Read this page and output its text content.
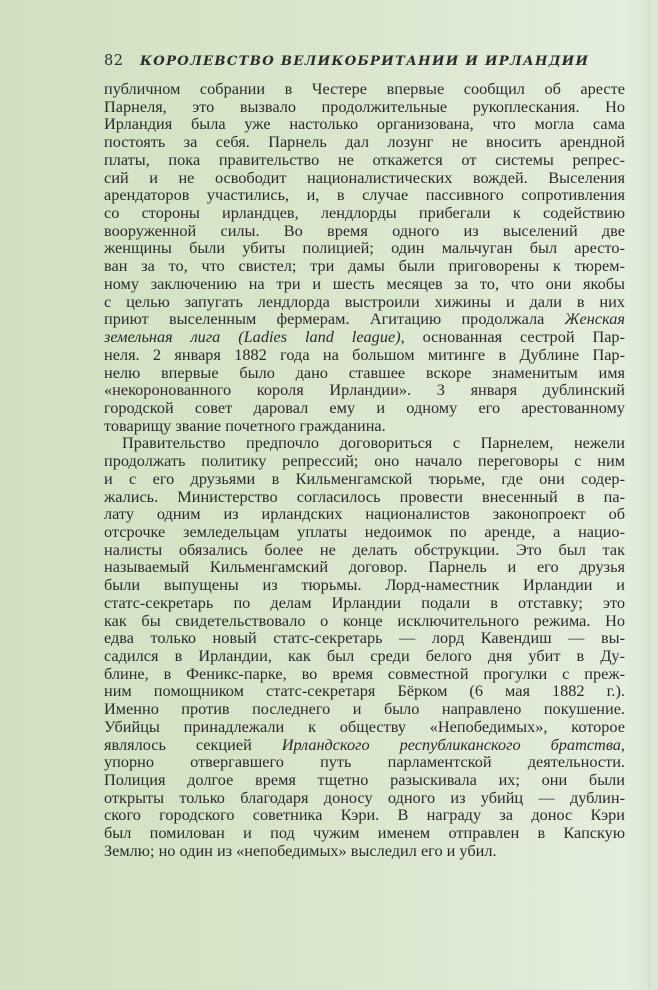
82	КОРОЛЕВСТВО ВЕЛИКОБРИТАНИИ И ИРЛАНДИИ
публичном собрании в Честере впервые сообщил об аресте
Парнеля, это вызвало продолжительные рукоплескания. Но
Ирландия была уже настолько организована, что могла сама
постоять за себя. Парнель дал лозунг не вносить арендной
платы, пока правительство не откажется от системы репрес-
сий и не освободит националистических вождей. Выселения
арендаторов участились, и, в случае пассивного сопротивления
со стороны ирландцев, лендлорды прибегали к содействию
вооруженной силы. Во время одного из выселений две
женщины были убиты полицией; один мальчуган был аресто-
ван за то, что свистел; три дамы были приговорены к тюрем-
ному заключению на три и шесть месяцев за то, что они якобы
с целью запугать лендлорда выстроили хижины и дали в них
приют выселенным фермерам. Агитацию продолжала Женская
земельная лига (Ladies land league), основанная сестрой Пар-
неля. 2 января 1882 года на большом митинге в Дублине Пар-
нелю впервые было дано ставшее вскоре знаменитым имя
«некоронованного короля Ирландии». 3 января дублинский
городской совет даровал ему и одному его арестованному
товарищу звание почетного гражданина.
Правительство предпочло договориться с Парнелем, нежели
продолжать политику репрессий; оно начало переговоры с ним
и с его друзьями в Кильменгамской тюрьме, где они содер-
жались. Министерство согласилось провести внесенный в па-
лату одним из ирландских националистов законопроект об
отсрочке земледельцам уплаты недоимок по аренде, а нацио-
налисты обязались более не делать обструкции. Это был так
называемый Кильменгамский договор. Парнель и его друзья
были выпущены из тюрьмы. Лорд-наместник Ирландии и
статс-секретарь по делам Ирландии подали в отставку; это
как бы свидетельствовало о конце исключительного режима. Но
едва только новый статс-секретарь — лорд Кавендиш — вы-
садился в Ирландии, как был среди белого дня убит в Ду-
блине, в Феникс-парке, во время совместной прогулки с преж-
ним помощником статс-секретаря Бёрком (6 мая 1882 г.).
Именно против последнего и было направлено покушение.
Убийцы принадлежали к обществу «Непобедимых», которое
являлось секцией Ирландского республиканского братства,
упорно отвергавшего путь парламентской деятельности.
Полиция долгое время тщетно разыскивала их; они были
открыты только благодаря доносу одного из убийц — дублин-
ского городского советника Кэри. В награду за донос Кэри
был помилован и под чужим именем отправлен в Капскую
Землю; но один из «непобедимых» выследил его и убил.
